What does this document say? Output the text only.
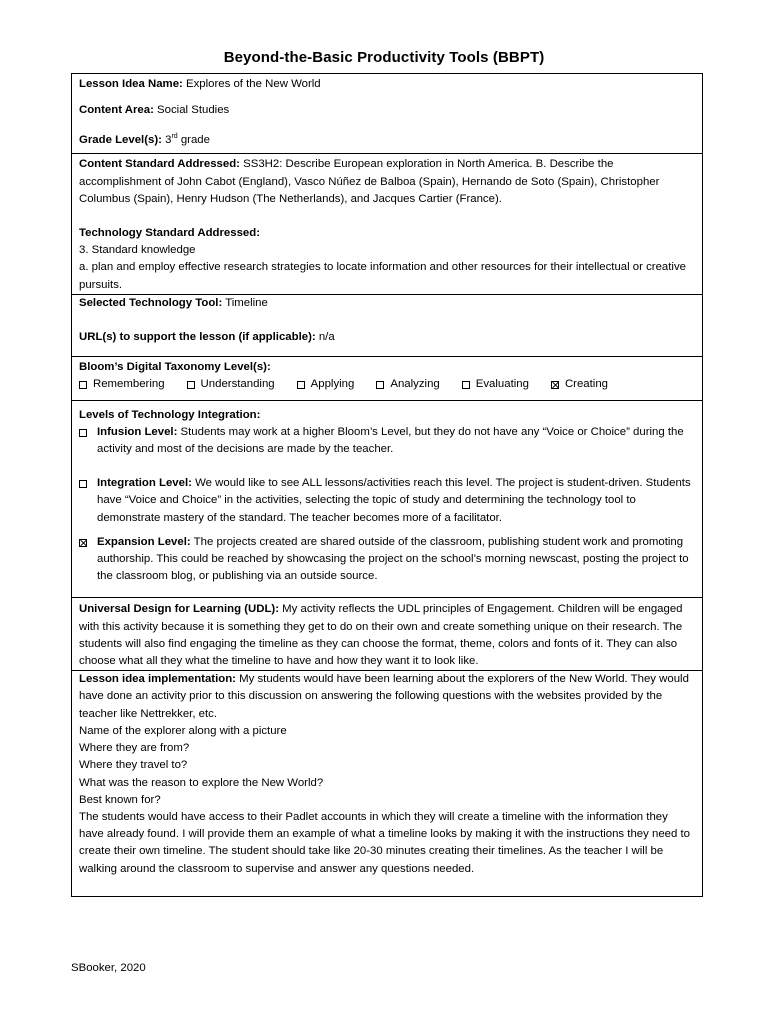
Beyond-the-Basic Productivity Tools (BBPT)
Lesson Idea Name: Explores of the New World
Content Area: Social Studies
Grade Level(s): 3rd grade
Content Standard Addressed: SS3H2: Describe European exploration in North America. B. Describe the accomplishment of John Cabot (England), Vasco Núñez de Balboa (Spain), Hernando de Soto (Spain), Christopher Columbus (Spain), Henry Hudson (The Netherlands), and Jacques Cartier (France).
Technology Standard Addressed:
3. Standard knowledge
a. plan and employ effective research strategies to locate information and other resources for their intellectual or creative pursuits.
Selected Technology Tool: Timeline
URL(s) to support the lesson (if applicable): n/a
Bloom’s Digital Taxonomy Level(s):
Remembering	Understanding	Applying	Analyzing	Evaluating	Creating
Levels of Technology Integration:
Infusion Level: Students may work at a higher Bloom’s Level, but they do not have any “Voice or Choice” during the activity and most of the decisions are made by the teacher.
Integration Level: We would like to see ALL lessons/activities reach this level. The project is student-driven. Students have “Voice and Choice” in the activities, selecting the topic of study and determining the technology tool to demonstrate mastery of the standard. The teacher becomes more of a facilitator.
Expansion Level: The projects created are shared outside of the classroom, publishing student work and promoting authorship. This could be reached by showcasing the project on the school’s morning newscast, posting the project to the classroom blog, or publishing via an outside source.
Universal Design for Learning (UDL): My activity reflects the UDL principles of Engagement. Children will be engaged with this activity because it is something they get to do on their own and create something unique on their research. The students will also find engaging the timeline as they can choose the format, theme, colors and fonts of it. They can also choose what all they what the timeline to have and how they want it to look like.
Lesson idea implementation: My students would have been learning about the explorers of the New World. They would have done an activity prior to this discussion on answering the following questions with the websites provided by the teacher like Nettrekker, etc.
Name of the explorer along with a picture
Where they are from?
Where they travel to?
What was the reason to explore the New World?
Best known for?
The students would have access to their Padlet accounts in which they will create a timeline with the information they have already found. I will provide them an example of what a timeline looks by making it with the instructions they need to create their own timeline. The student should take like 20-30 minutes creating their timelines. As the teacher I will be walking around the classroom to supervise and answer any questions needed.
SBooker, 2020
